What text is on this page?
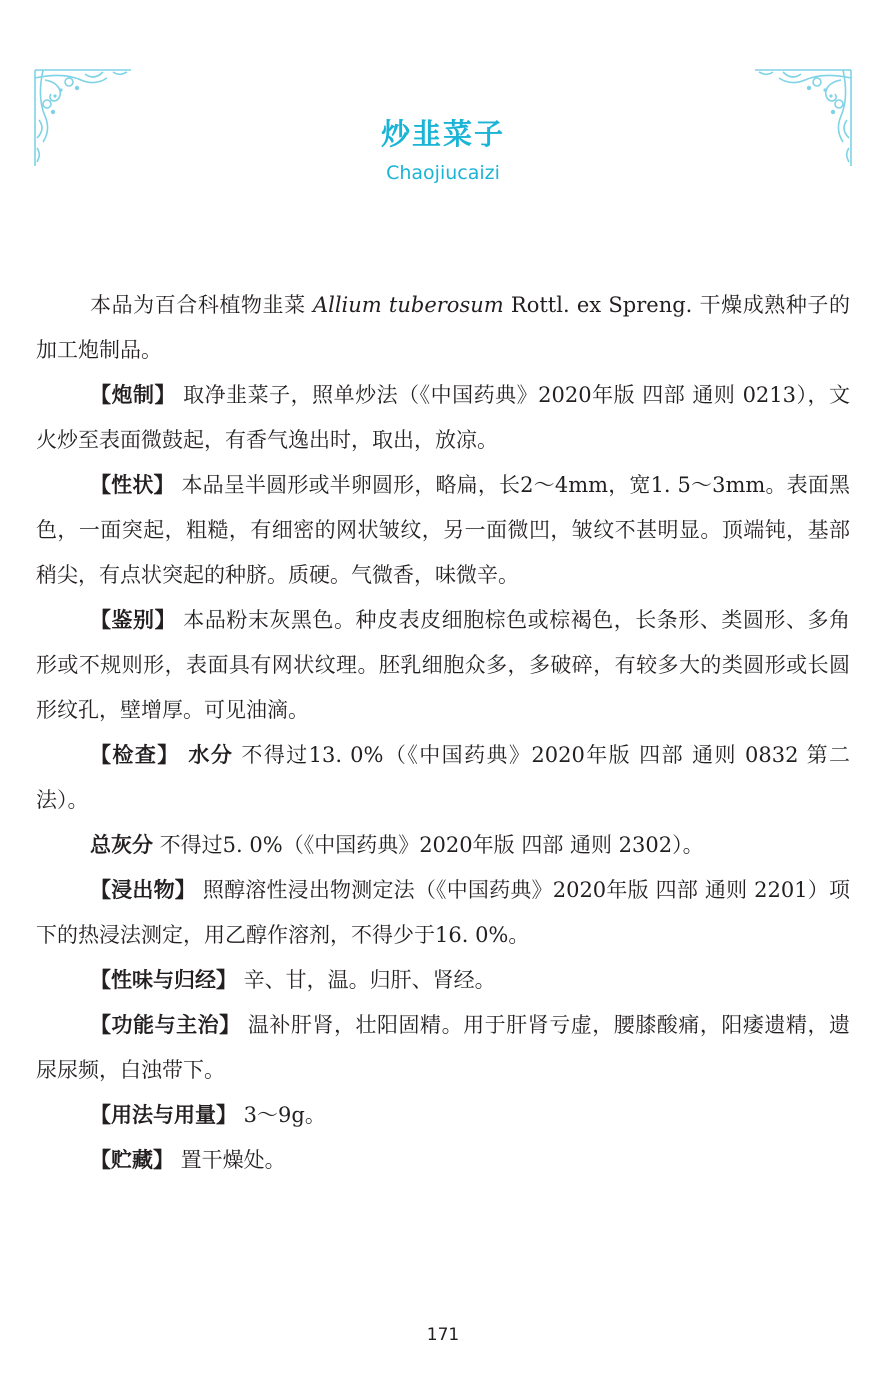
炒韭菜子
Chaojiucaizi

本品为百合科植物韭菜 Allium tuberosum Rottl. ex Spreng. 干燥成熟种子的加工炮制品。

【炮制】 取净韭菜子，照单炒法（《中国药典》2020年版 四部 通则 0213），文火炒至表面微鼓起，有香气逸出时，取出，放凉。

【性状】 本品呈半圆形或半卵圆形，略扁，长2～4mm，宽1. 5～3mm。表面黑色，一面突起，粗糙，有细密的网状皱纹，另一面微凹，皱纹不甚明显。顶端钝，基部稍尖，有点状突起的种脐。质硬。气微香，味微辛。

【鉴别】 本品粉末灰黑色。种皮表皮细胞棕色或棕褐色，长条形、类圆形、多角形或不规则形，表面具有网状纹理。胚乳细胞众多，多破碎，有较多大的类圆形或长圆形纹孔，壁增厚。可见油滴。

【检查】 水分 不得过13. 0%（《中国药典》2020年版 四部 通则 0832 第二法）。

总灰分 不得过5. 0%（《中国药典》2020年版 四部 通则 2302）。

【浸出物】 照醇溶性浸出物测定法（《中国药典》2020年版 四部 通则 2201）项下的热浸法测定，用乙醇作溶剂，不得少于16. 0%。

【性味与归经】 辛、甘，温。归肝、肾经。

【功能与主治】 温补肝肾，壮阳固精。用于肝肾亏虚，腰膝酸痛，阳痿遗精，遗尿尿频，白浊带下。

【用法与用量】 3～9g。

【贮藏】 置干燥处。

171
